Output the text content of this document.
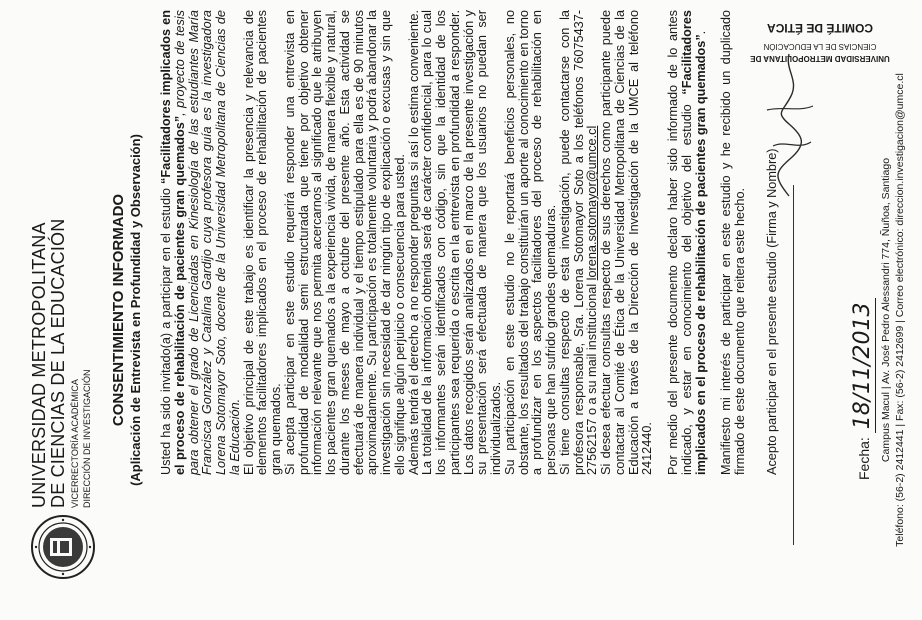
UNIVERSIDAD METROPOLITANA
DE CIENCIAS DE LA EDUCACIÓN VICERRECTORÍA ACADÉMICA DIRECCIÓN DE INVESTIGACIÓN
CONSENTIMIENTO INFORMADO (Aplicación de Entrevista en Profundidad y Observación) Usted ha sido invitado(a) a participar en el estudio “Facilitadores implicados en el proceso de rehabilitación de pacientes gran quemados”, proyecto de tesis para obtener el grado de Licenciadas en Kinesiología de las estudiantes María Francisca González y Catalina Gardijo cuya profesora guía es la investigadora Lorena Sotomayor Soto, docente de la Universidad Metropolitana de Ciencias de la Educación. El objetivo principal de este trabajo es identificar la presencia y relevancia de elementos facilitadores implicados en el proceso de rehabilitación de pacientes gran quemados. Si acepta participar en este estudio requerirá responder una entrevista en profundidad de modalidad semi estructurada que tiene por objetivo obtener información relevante que nos permita acercarnos al significado que le atribuyen los pacientes gran quemados a la experiencia vivida, de manera flexible y natural, durante los meses de mayo a octubre del presente año. Esta actividad se efectuará de manera individual y el tiempo estipulado para ella es de 90 minutos aproximadamente. Su participación es totalmente voluntaria y podrá abandonar la investigación sin necesidad de dar ningún tipo de explicación o excusas y sin que ello signifique algún perjuicio o consecuencia para usted. Además tendrá el derecho a no responder preguntas si así lo estima conveniente. La totalidad de la información obtenida será de carácter confidencial, para lo cual los informantes serán identificados con código, sin que la identidad de los participantes sea requerida o escrita en la entrevista en profundidad a responder. Los datos recogidos serán analizados en el marco de la presente investigación y su presentación será efectuada de manera que los usuarios no puedan ser individualizados. Su participación en este estudio no le reportará beneficios personales, no obstante, los resultados del trabajo constituirán un aporte al conocimiento en torno a profundizar en los aspectos facilitadores del proceso de rehabilitación en personas que han sufrido grandes quemaduras. Si tiene consultas respecto de esta investigación, puede contactarse con la profesora responsable, Sra. Lorena Sotomayor Soto a los teléfonos 76075437- 27562157 o a su mail institucional lorena.sotomayor@umce.cl Si desea efectuar consultas respecto de sus derechos como participante puede contactar al Comité de Ética de la Universidad Metropolitana de Ciencias de la Educación a través de la Dirección de Investigación de la UMCE al teléfono 2412440. Por medio del presente documento declaro haber sido informado de lo antes indicado, y estar en conocimiento del objetivo del estudio “Facilitadores implicados en el proceso de rehabilitación de pacientes gran quemados”. Manifiesto mi interés de participar en este estudio y he recibido un duplicado firmado de este documento que reitera este hecho. Acepto participar en el presente estudio (Firma y Nombre)	Fecha: 18/11/2013 Campus Macul | Av. José Pedro Alessandri 774, Ñuñoa, Santiago Teléfono: (56-2) 2412441 | Fax: (56-2) 2412699 | Correo electrónico: direccion.investigacion@umce.cl
UNIVERSIDAD METROPOLITANA DE
CIENCIAS DE LA EDUCACIÓN
COMITÉ DE ÉTICA
